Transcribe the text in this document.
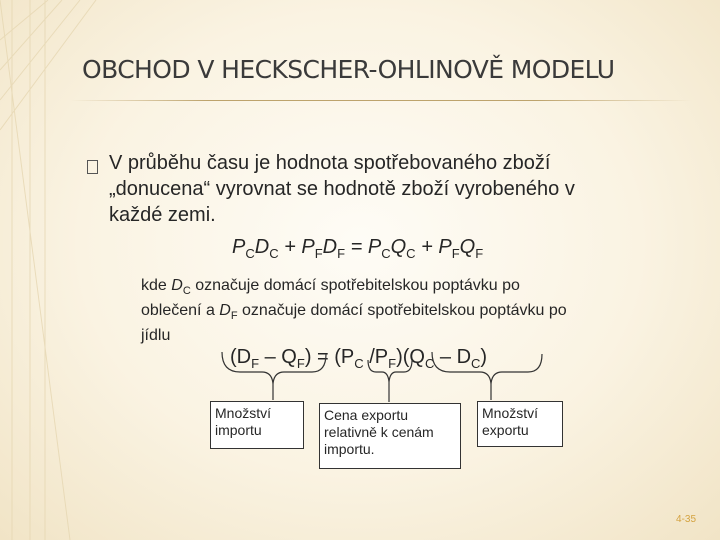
OBCHOD V HECKSCHER-OHLINOVĚ MODELU
V průběhu času je hodnota spotřebovaného zboží
„donucena“ vyrovnat se hodnotě zboží vyrobeného v
každé zemi.
$P_CD_C + P_FD_F = P_CQ_C + P_FQ_F$
kde $D_C$ označuje domácí spotřebitelskou poptávku po
oblečení a $D_F$ označuje domácí spotřebitelskou poptávku po
jídlu
$(D_F - Q_F) = (P_C$ $/P_F)(Q_C - D_C)$
Množství
importu
Cena exportu
relativně k cenám
importu.
Množství
exportu
4-35
